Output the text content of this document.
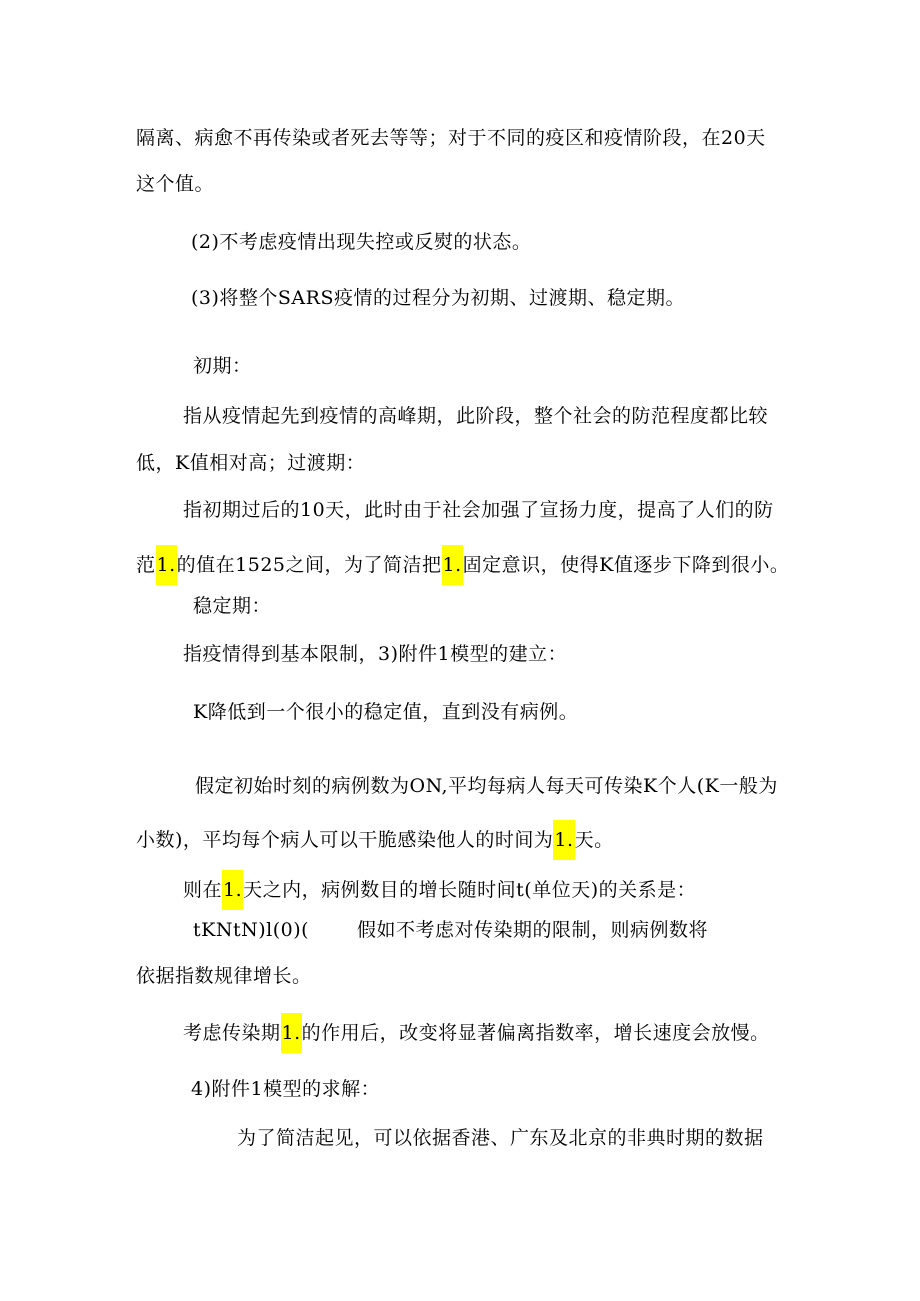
隔离、病愈不再传染或者死去等等；对于不同的疫区和疫情阶段，在20天
这个值。
(2)不考虑疫情出现失控或反熨的状态。
(3)将整个SARS疫情的过程分为初期、过渡期、稳定期。
初期：
指从疫情起先到疫情的高峰期，此阶段，整个社会的防范程度都比较
低，K值相对高；过渡期：
指初期过后的10天，此时由于社会加强了宣扬力度，提高了人们的防
范1.的值在1525之间，为了简洁把1.固定意识，使得K值逐步下降到很小。
稳定期：
指疫情得到基本限制，3)附件1模型的建立：
K降低到一个很小的稳定值，直到没有病例。
假定初始时刻的病例数为ON,平均每病人每天可传染K个人(K一般为
小数)，平均每个病人可以干脆感染他人的时间为1.天。
则在1.天之内，病例数目的增长随时间t(单位天)的关系是：
tKNtN)l(0)(	假如不考虑对传染期的限制，则病例数将
依据指数规律增长。
考虑传染期1.的作用后，改变将显著偏离指数率，增长速度会放慢。
4)附件1模型的求解：
为了简洁起见，可以依据香港、广东及北京的非典时期的数据
